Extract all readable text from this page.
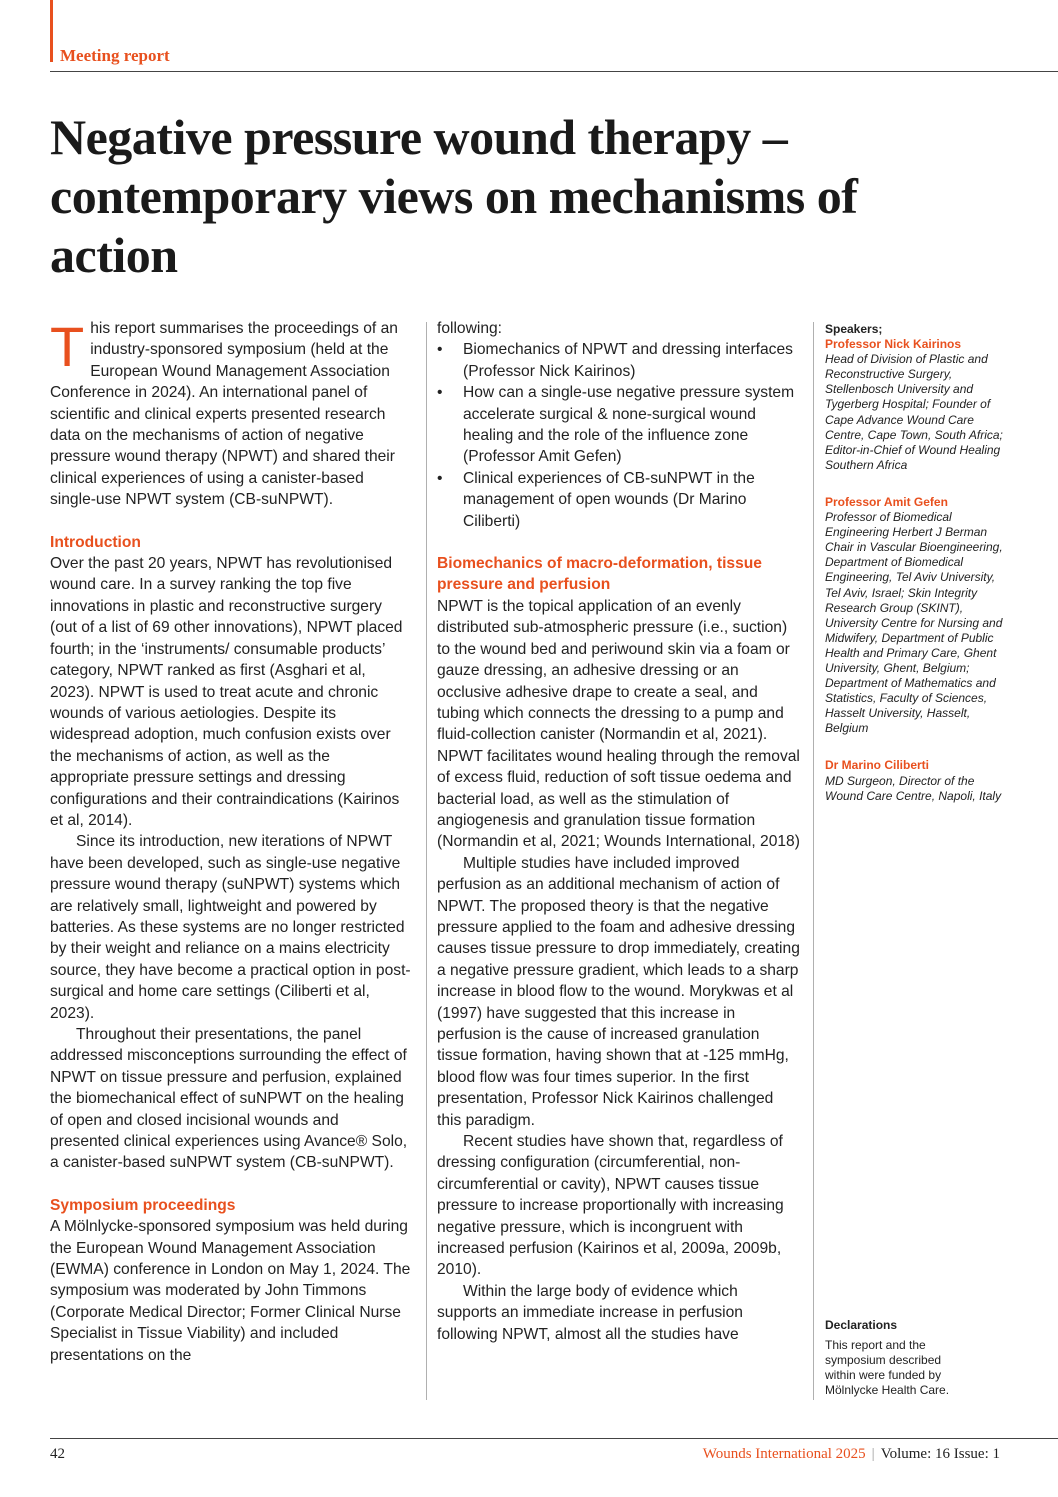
Meeting report
Negative pressure wound therapy – contemporary views on mechanisms of action

This report summarises the proceedings of an industry-sponsored symposium (held at the European Wound Management Association Conference in 2024). An international panel of scientific and clinical experts presented research data on the mechanisms of action of negative pressure wound therapy (NPWT) and shared their clinical experiences of using a canister-based single-use NPWT system (CB-suNPWT).

Introduction

Over the past 20 years, NPWT has revolutionised wound care. In a survey ranking the top five innovations in plastic and reconstructive surgery (out of a list of 69 other innovations), NPWT placed fourth; in the ‘instruments/ consumable products’ category, NPWT ranked as first (Asghari et al, 2023). NPWT is used to treat acute and chronic wounds of various aetiologies. Despite its widespread adoption, much confusion exists over the mechanisms of action, as well as the appropriate pressure settings and dressing configurations and their contraindications (Kairinos et al, 2014).

Since its introduction, new iterations of NPWT have been developed, such as single-use negative pressure wound therapy (suNPWT) systems which are relatively small, lightweight and powered by batteries. As these systems are no longer restricted by their weight and reliance on a mains electricity source, they have become a practical option in post-surgical and home care settings (Ciliberti et al, 2023).

Throughout their presentations, the panel addressed misconceptions surrounding the effect of NPWT on tissue pressure and perfusion, explained the biomechanical effect of suNPWT on the healing of open and closed incisional wounds and presented clinical experiences using Avance® Solo, a canister-based suNPWT system (CB-suNPWT).

Symposium proceedings

A Mölnlycke-sponsored symposium was held during the European Wound Management Association (EWMA) conference in London on May 1, 2024. The symposium was moderated by John Timmons (Corporate Medical Director; Former Clinical Nurse Specialist in Tissue Viability) and included presentations on the

following:

• Biomechanics of NPWT and dressing interfaces (Professor Nick Kairinos)
• How can a single-use negative pressure system accelerate surgical & none-surgical wound healing and the role of the influence zone (Professor Amit Gefen)
• Clinical experiences of CB-suNPWT in the management of open wounds (Dr Marino Ciliberti)

Biomechanics of macro-deformation, tissue pressure and perfusion

NPWT is the topical application of an evenly distributed sub-atmospheric pressure (i.e., suction) to the wound bed and periwound skin via a foam or gauze dressing, an adhesive dressing or an occlusive adhesive drape to create a seal, and tubing which connects the dressing to a pump and fluid-collection canister (Normandin et al, 2021). NPWT facilitates wound healing through the removal of excess fluid, reduction of soft tissue oedema and bacterial load, as well as the stimulation of angiogenesis and granulation tissue formation (Normandin et al, 2021; Wounds International, 2018)

Multiple studies have included improved perfusion as an additional mechanism of action of NPWT. The proposed theory is that the negative pressure applied to the foam and adhesive dressing causes tissue pressure to drop immediately, creating a negative pressure gradient, which leads to a sharp increase in blood flow to the wound. Morykwas et al (1997) have suggested that this increase in perfusion is the cause of increased granulation tissue formation, having shown that at -125 mmHg, blood flow was four times superior. In the first presentation, Professor Nick Kairinos challenged this paradigm.

Recent studies have shown that, regardless of dressing configuration (circumferential, non-circumferential or cavity), NPWT causes tissue pressure to increase proportionally with increasing negative pressure, which is incongruent with increased perfusion (Kairinos et al, 2009a, 2009b, 2010).

Within the large body of evidence which supports an immediate increase in perfusion following NPWT, almost all the studies have

Speakers;
Professor Nick Kairinos
Head of Division of Plastic and Reconstructive Surgery, Stellenbosch University and Tygerberg Hospital; Founder of Cape Advance Wound Care Centre, Cape Town, South Africa; Editor-in-Chief of Wound Healing Southern Africa
Professor Amit Gefen
Professor of Biomedical Engineering Herbert J Berman Chair in Vascular Bioengineering, Department of Biomedical Engineering, Tel Aviv University, Tel Aviv, Israel; Skin Integrity Research Group (SKINT), University Centre for Nursing and Midwifery, Department of Public Health and Primary Care, Ghent University, Ghent, Belgium; Department of Mathematics and Statistics, Faculty of Sciences, Hasselt University, Hasselt, Belgium
Dr Marino Ciliberti
MD Surgeon, Director of the Wound Care Centre, Napoli, Italy
Declarations
This report and the symposium described within were funded by Mölnlycke Health Care.
42	Wounds International 2025 | Volume: 16 Issue: 1
